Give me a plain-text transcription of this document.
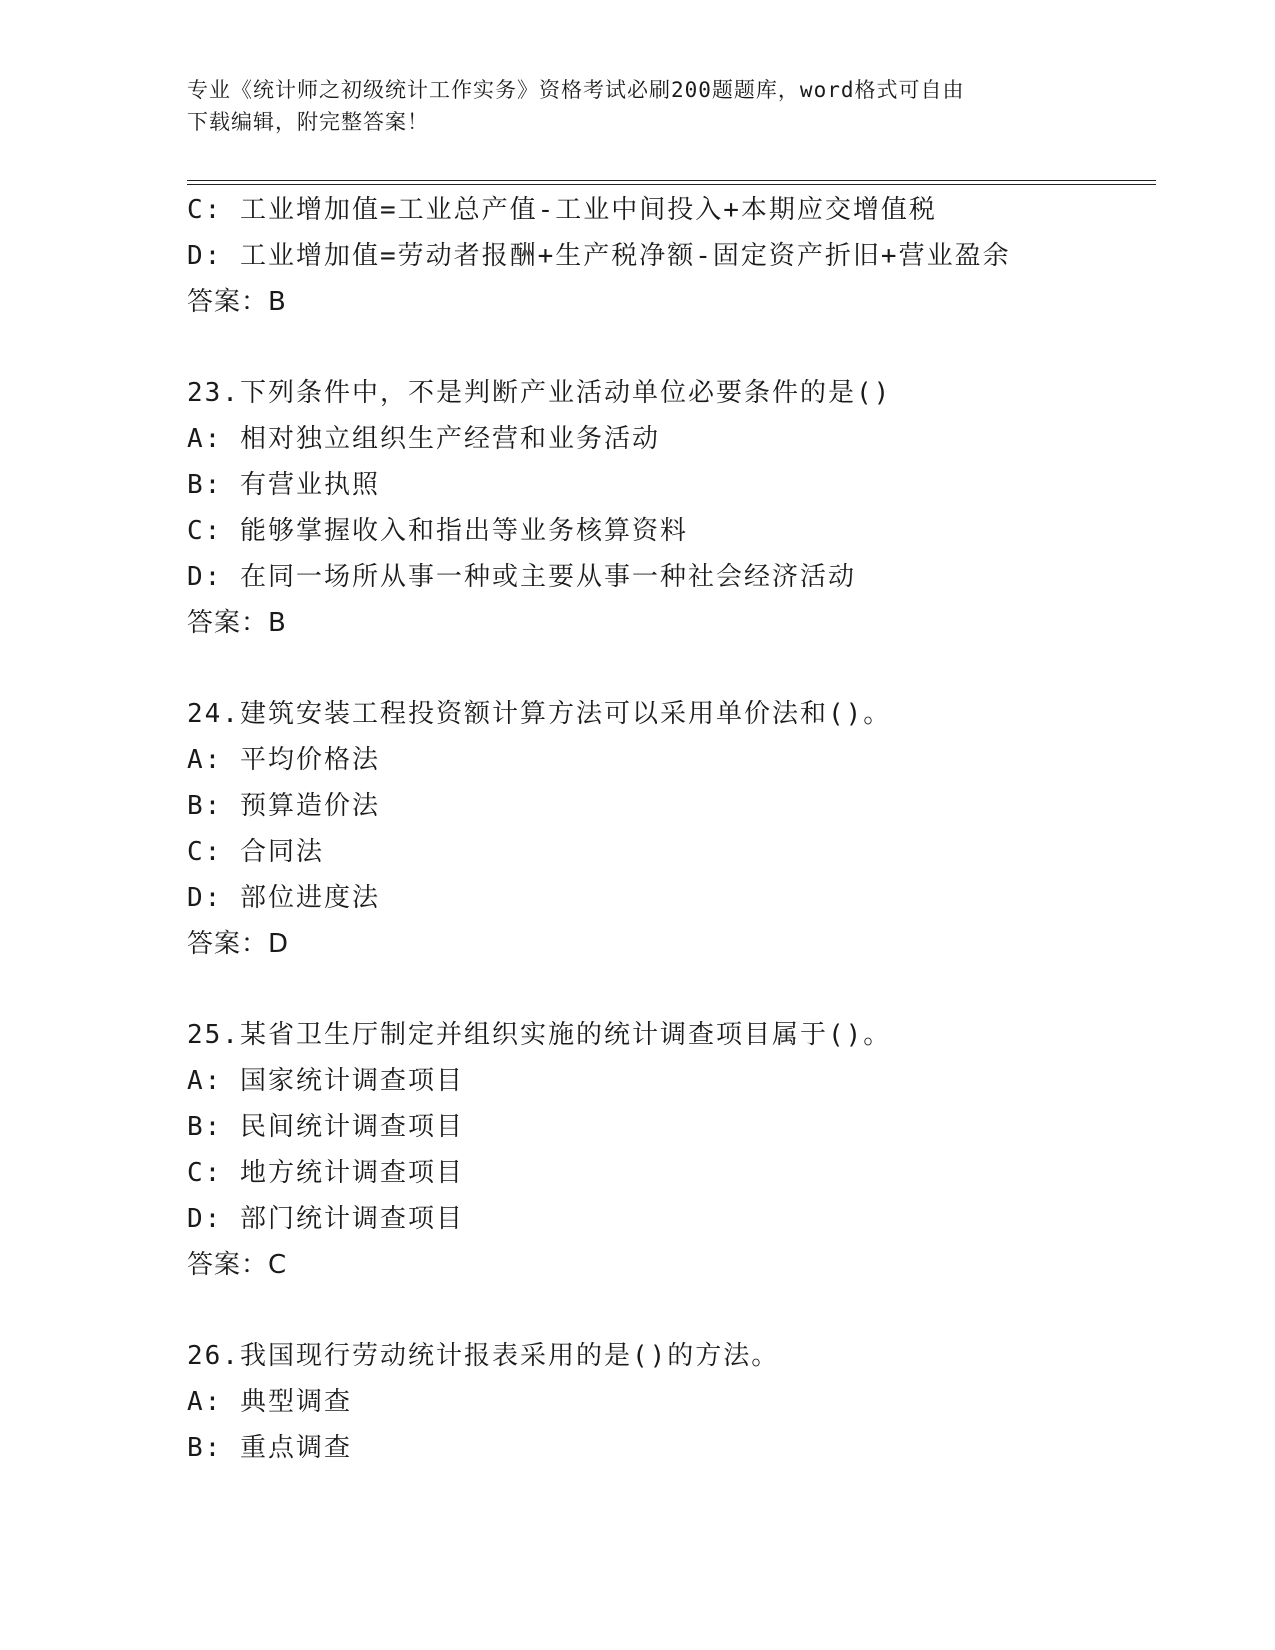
专业《统计师之初级统计工作实务》资格考试必刷200题题库，word格式可自由
下载编辑，附完整答案！
C: 工业增加值=工业总产值-工业中间投入+本期应交增值税
D: 工业增加值=劳动者报酬+生产税净额-固定资产折旧+营业盈余
答案：B
23.下列条件中，不是判断产业活动单位必要条件的是()
A: 相对独立组织生产经营和业务活动
B: 有营业执照
C: 能够掌握收入和指出等业务核算资料
D: 在同一场所从事一种或主要从事一种社会经济活动
答案：B
24.建筑安装工程投资额计算方法可以采用单价法和()。
A: 平均价格法
B: 预算造价法
C: 合同法
D: 部位进度法
答案：D
25.某省卫生厅制定并组织实施的统计调查项目属于()。
A: 国家统计调查项目
B: 民间统计调查项目
C: 地方统计调查项目
D: 部门统计调查项目
答案：C
26.我国现行劳动统计报表采用的是()的方法。
A: 典型调查
B: 重点调查
